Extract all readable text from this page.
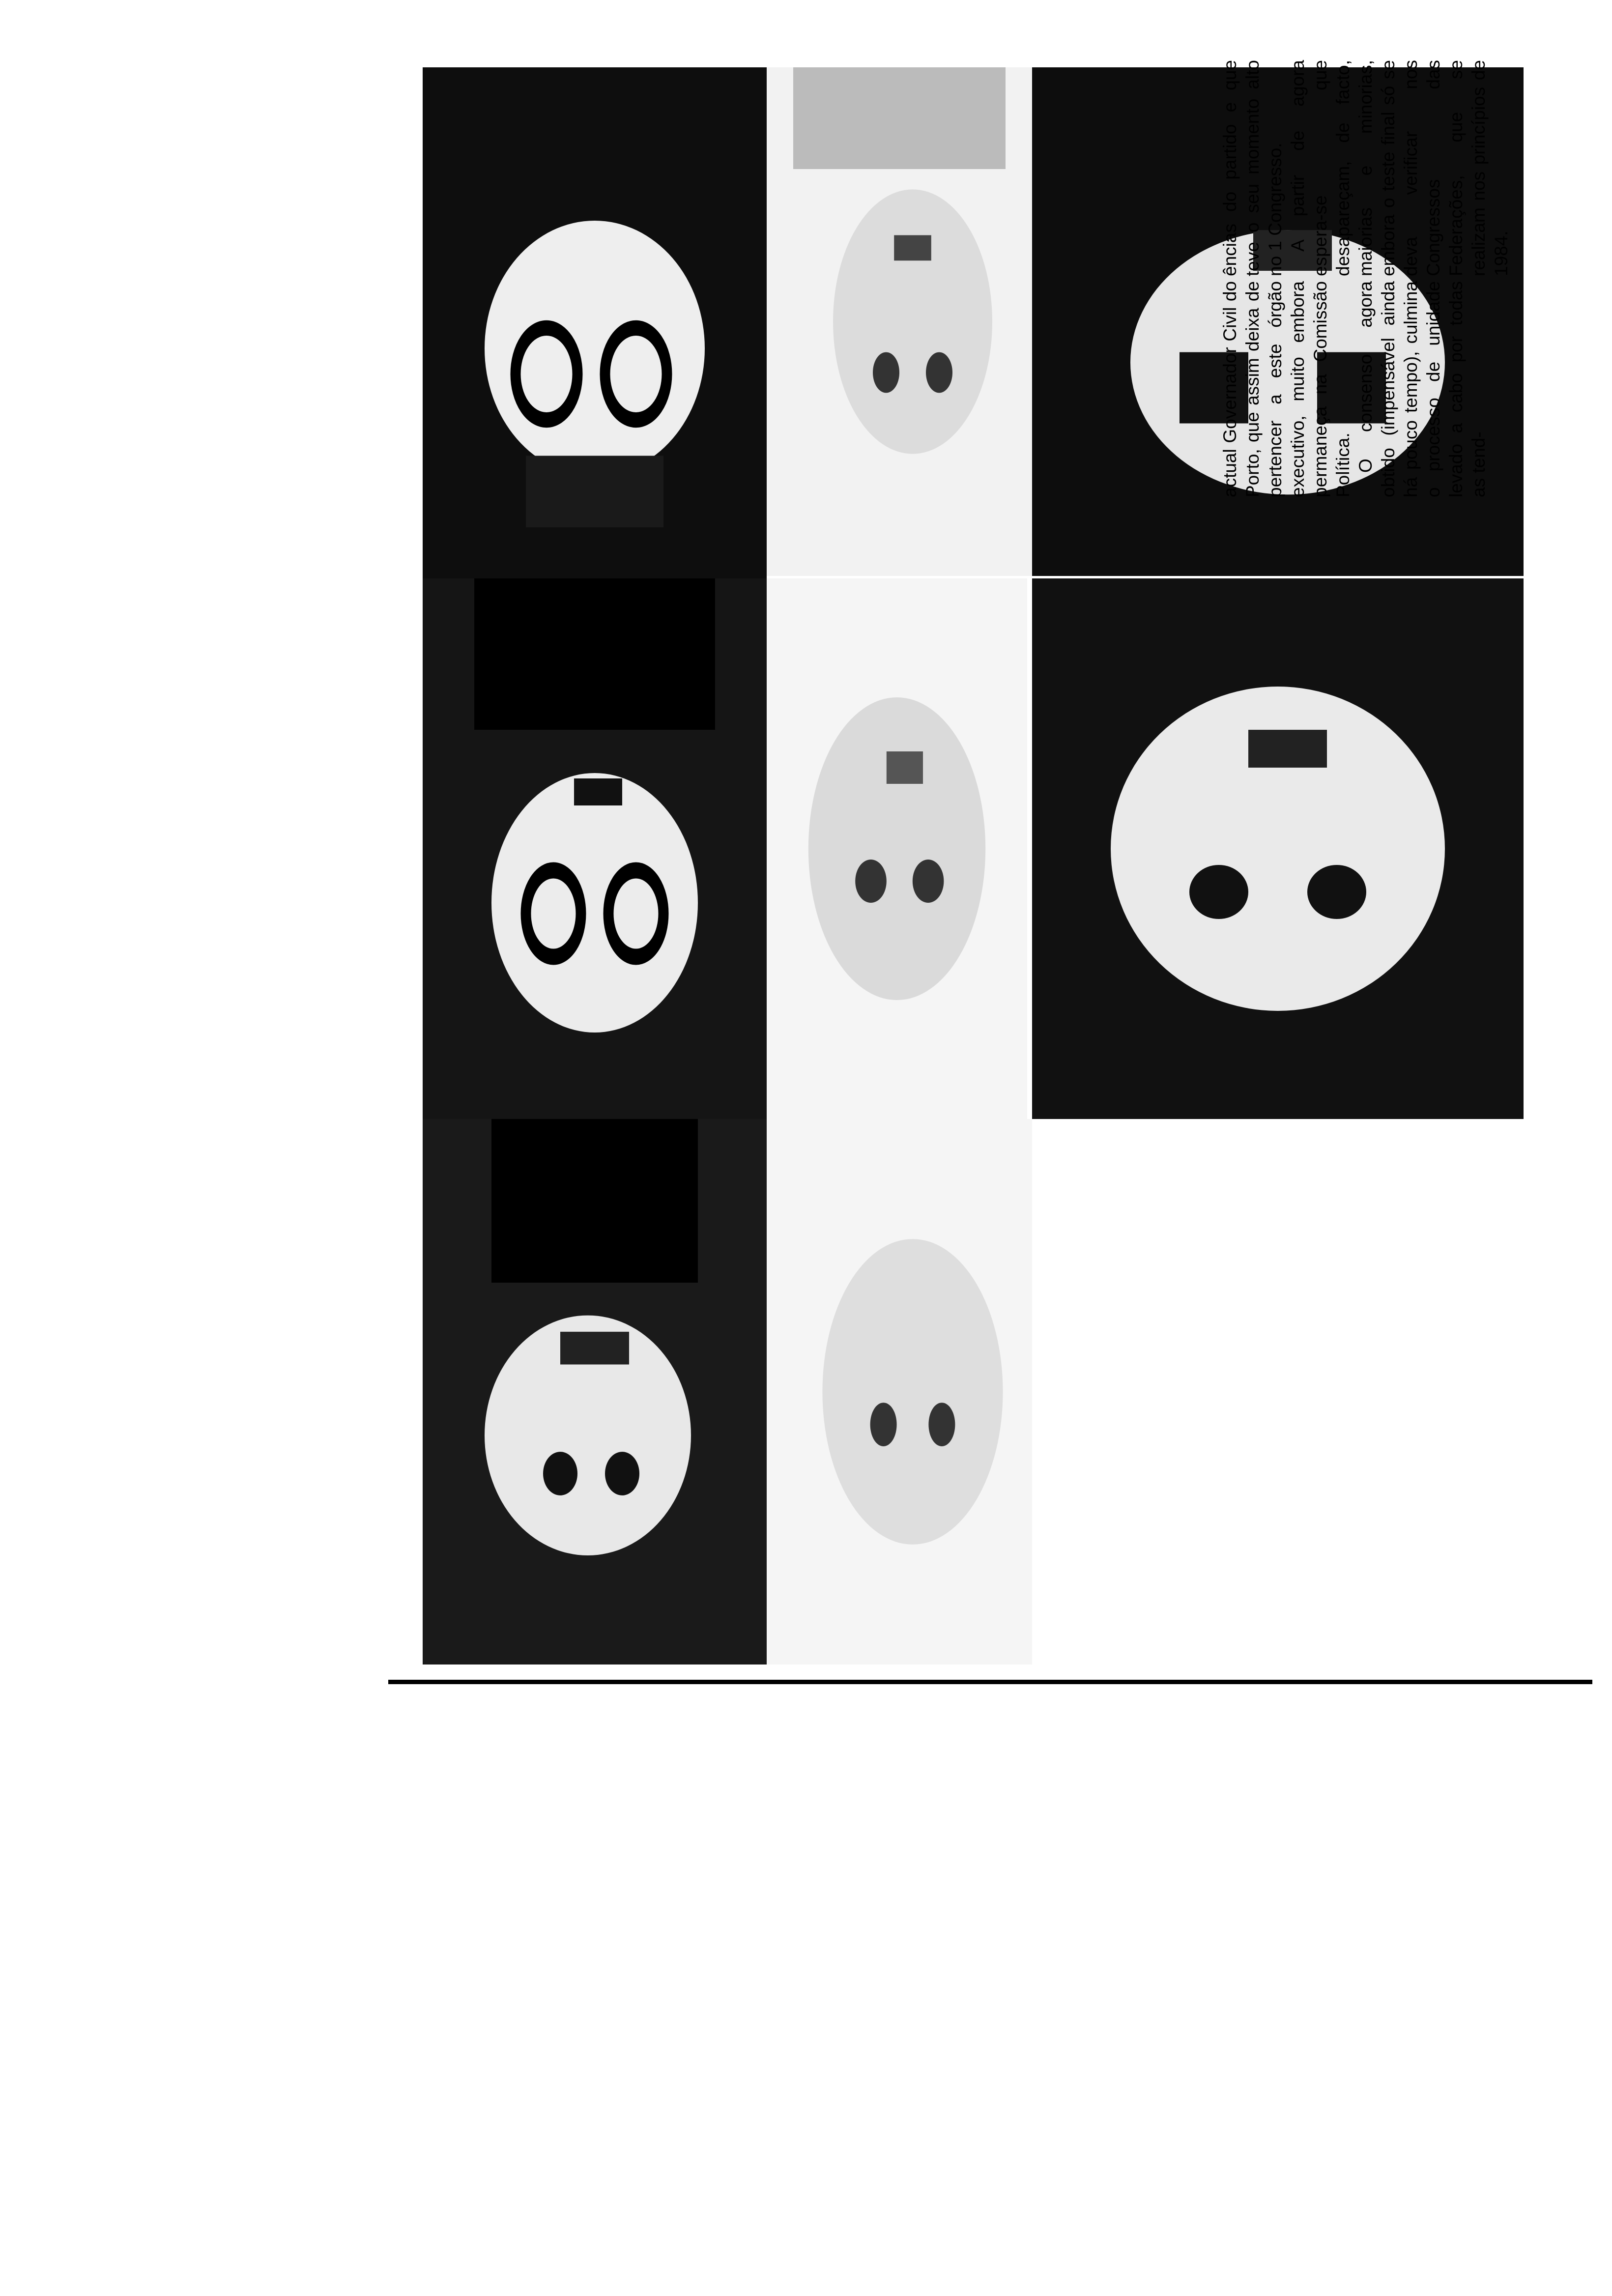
actual Governador Civil do Porto, que assim deixa de pertencer a este órgão executivo, muito embora permaneça na Comissão Política. O consenso agora obtido (impensável ainda há pouco tempo), culmina o processo de unidade levado a cabo por todas as tend-

ências do partido e que teve o seu momento alto no 1 Congresso. A partir de agora espera-se que desapareçam, de facto, maiorias e minorias, embora o teste final só se deva verificar nos Congressos das Federações, que se realizam nos princípios de 1984.
